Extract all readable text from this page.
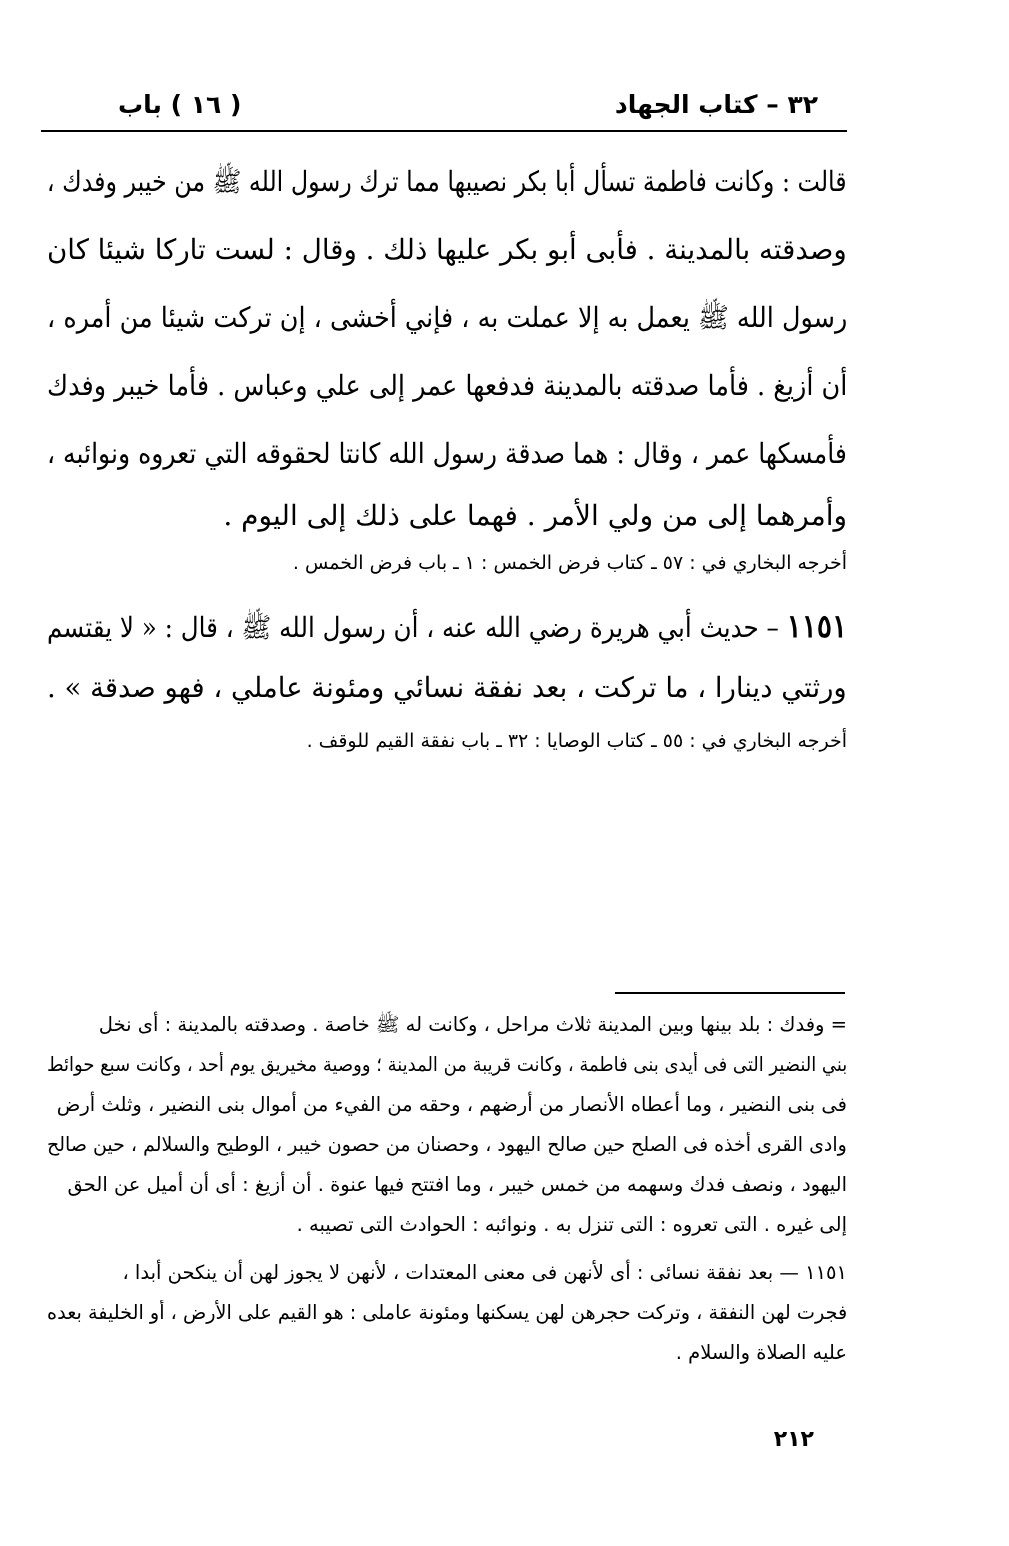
٣٢ – كتاب الجهاد
( ١٦ ) باب
قالت : وكانت فاطمة تسأل أبا بكر نصيبها مما ترك رسول الله ﷺ من خيبر وفدك ،
وصدقته بالمدينة . فأبى أبو بكر عليها ذلك . وقال : لست تاركا شيئا كان
رسول الله ﷺ يعمل به إلا عملت به ، فإني أخشى ، إن تركت شيئا من أمره ،
أن أزيغ . فأما صدقته بالمدينة فدفعها عمر إلى علي وعباس . فأما خيبر وفدك
فأمسكها عمر ، وقال : هما صدقة رسول الله كانتا لحقوقه التي تعروه ونوائبه ،
وأمرهما إلى من ولي الأمر . فهما على ذلك إلى اليوم .
أخرجه البخاري في : ٥٧ ـ كتاب فرض الخمس : ١ ـ باب فرض الخمس .
١١٥١ – حديث أبي هريرة رضي الله عنه ، أن رسول الله ﷺ ، قال : « لا يقتسم
ورثتي دينارا ، ما تركت ، بعد نفقة نسائي ومئونة عاملي ، فهو صدقة » .
أخرجه البخاري في : ٥٥ ـ كتاب الوصايا : ٣٢ ـ باب نفقة القيم للوقف .
= وفدك : بلد بينها وبين المدينة ثلاث مراحل ، وكانت له ﷺ خاصة . وصدقته بالمدينة : أى نخل
بني النضير التى فى أيدى بنى فاطمة ، وكانت قريبة من المدينة ؛ ووصية مخيريق يوم أحد ، وكانت سبع حوائط
فى بنى النضير ، وما أعطاه الأنصار من أرضهم ، وحقه من الفيء من أموال بنى النضير ، وثلث أرض
وادى القرى أخذه فى الصلح حين صالح اليهود ، وحصنان من حصون خيبر ، الوطيح والسلالم ، حين صالح
اليهود ، ونصف فدك وسهمه من خمس خيبر ، وما افتتح فيها عنوة . أن أزيغ : أى أن أميل عن الحق
إلى غيره . التى تعروه : التى تنزل به . ونوائبه : الحوادث التى تصيبه .
١١٥١ — بعد نفقة نسائى : أى لأنهن فى معنى المعتدات ، لأنهن لا يجوز لهن أن ينكحن أبدا ،
فجرت لهن النفقة ، وتركت حجرهن لهن يسكنها ومئونة عاملى : هو القيم على الأرض ، أو الخليفة بعده
عليه الصلاة والسلام .
٢١٢
